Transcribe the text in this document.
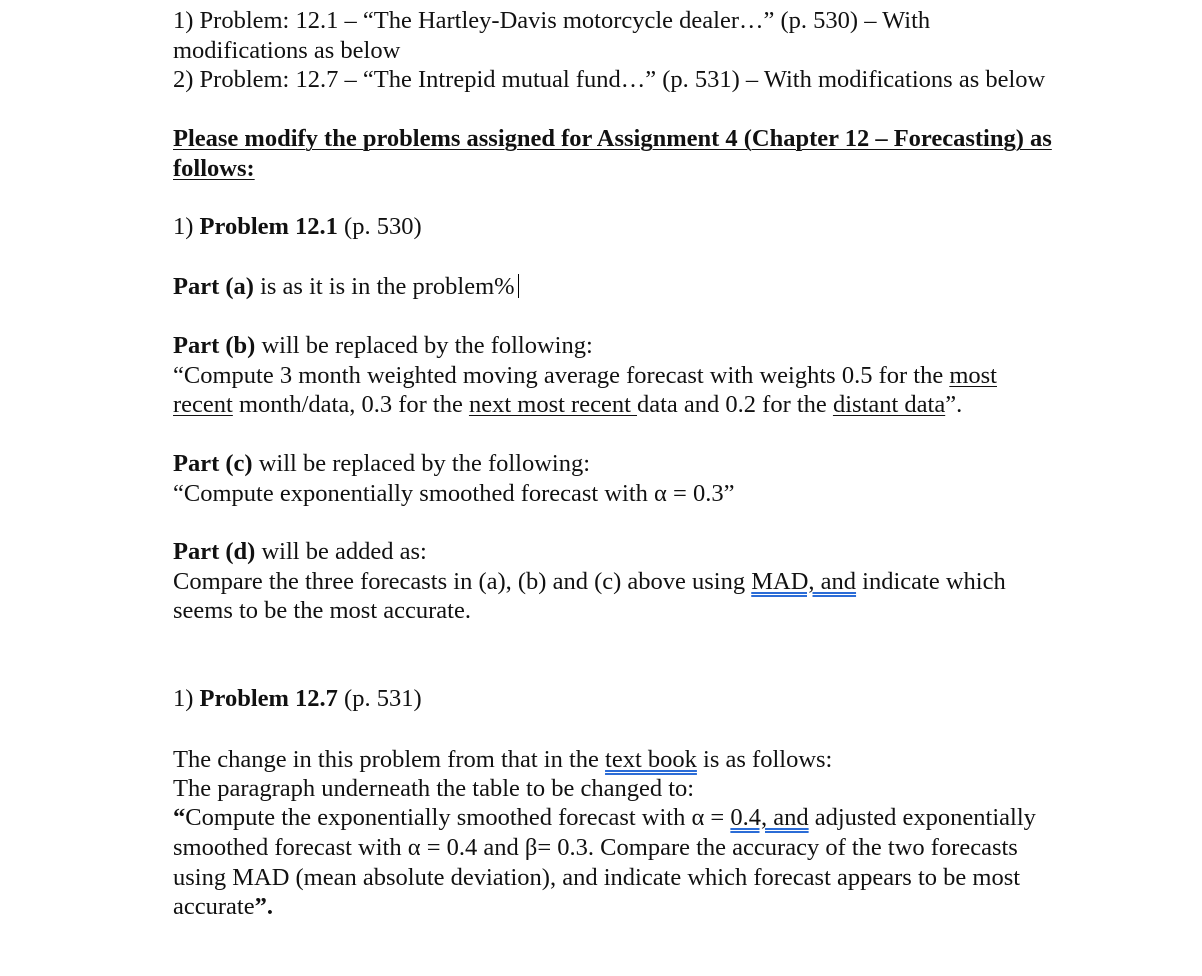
1) Problem: 12.1 – “The Hartley-Davis motorcycle dealer…” (p. 530) – With
modifications as below
2) Problem: 12.7 – “The Intrepid mutual fund…” (p. 531) – With modifications as below
Please modify the problems assigned for Assignment 4 (Chapter 12 – Forecasting) as
follows:
1) Problem 12.1 (p. 530)
Part (a) is as it is in the problem%
Part (b) will be replaced by the following:
“Compute 3 month weighted moving average forecast with weights 0.5 for the most
recent month/data, 0.3 for the next most recent data and 0.2 for the distant data”.
Part (c) will be replaced by the following:
“Compute exponentially smoothed forecast with α = 0.3”
Part (d) will be added as:
Compare the three forecasts in (a), (b) and (c) above using MAD, and indicate which
seems to be the most accurate.
1) Problem 12.7 (p. 531)
The change in this problem from that in the text book is as follows:
The paragraph underneath the table to be changed to:
“Compute the exponentially smoothed forecast with α = 0.4, and adjusted exponentially
smoothed forecast with α = 0.4 and β= 0.3. Compare the accuracy of the two forecasts
using MAD (mean absolute deviation), and indicate which forecast appears to be most
accurate”.
